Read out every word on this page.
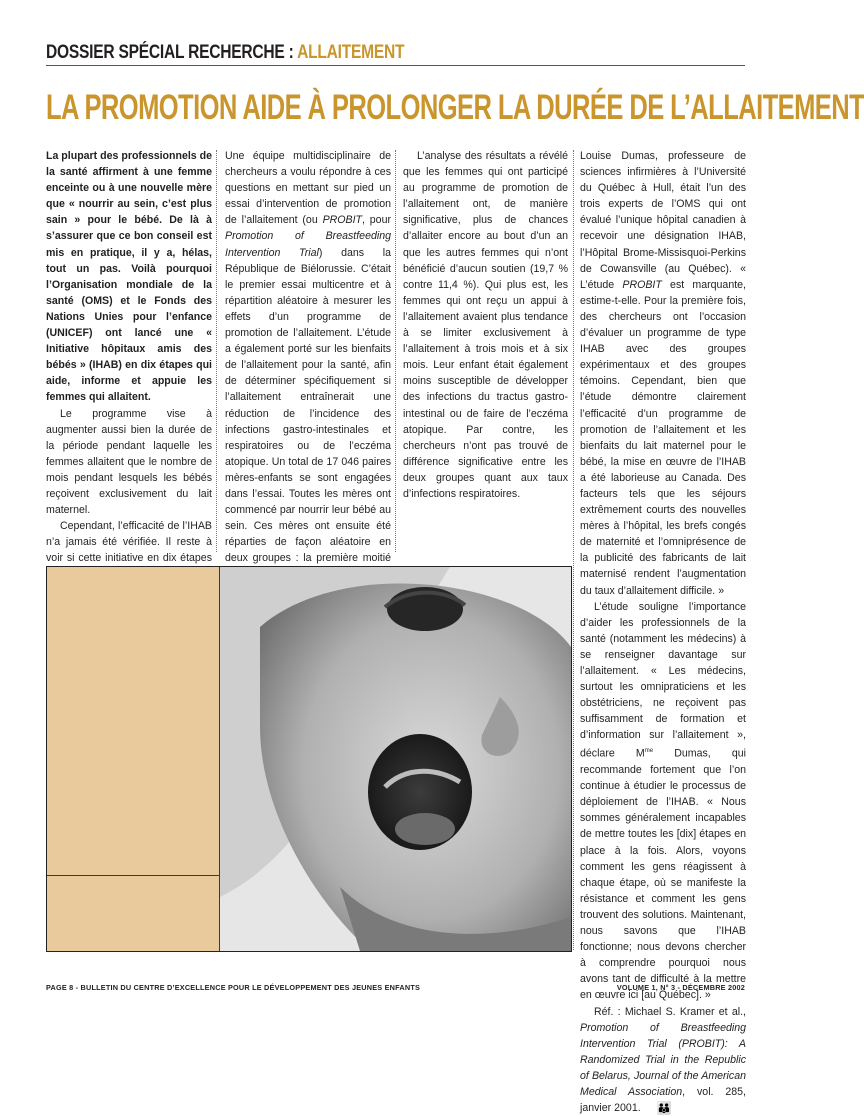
DOSSIER SPÉCIAL RECHERCHE : ALLAITEMENT
LA PROMOTION AIDE À PROLONGER LA DURÉE DE L’ALLAITEMENT

La plupart des professionnels de la santé affirment à une femme enceinte ou à une nouvelle mère que « nourrir au sein, c’est plus sain » pour le bébé. De là à s’assurer que ce bon conseil est mis en pratique, il y a, hélas, tout un pas. Voilà pourquoi l’Organisation mondiale de la santé (OMS) et le Fonds des Nations Unies pour l’enfance (UNICEF) ont lancé une « Initiative hôpitaux amis des bébés » (IHAB) en dix étapes qui aide, informe et appuie les femmes qui allaitent.

Le programme vise à augmenter aussi bien la durée de la période pendant laquelle les femmes allaitent que le nombre de mois pendant lesquels les bébés reçoivent exclusivement du lait maternel.

Cependant, l’efficacité de l’IHAB n’a jamais été vérifiée. Il reste à voir si cette initiative en dix étapes

Une équipe multidisciplinaire de chercheurs a voulu répondre à ces questions en mettant sur pied un essai d’intervention de promotion de l’allaitement (ou PROBIT, pour Promotion of Breastfeeding Intervention Trial) dans la République de Biélorussie. C’était le premier essai multicentre et à répartition aléatoire à mesurer les effets d’un programme de promotion de l’allaitement. L’étude a également porté sur les bienfaits de l’allaitement pour la santé, afin de déterminer spécifiquement si l’allaitement entraînerait une réduction de l’incidence des infections gastro-intestinales et respiratoires ou de l’eczéma atopique. Un total de 17 046 paires mères-enfants se sont engagées dans l’essai. Toutes les mères ont commencé par nourrir leur bébé au sein. Ces mères ont ensuite été réparties de façon aléatoire en deux groupes : la première moitié

L’analyse des résultats a révélé que les femmes qui ont participé au programme de promotion de l’allaitement ont, de manière significative, plus de chances d’allaiter encore au bout d’un an que les autres femmes qui n’ont bénéficié d’aucun soutien (19,7 % contre 11,4 %). Qui plus est, les femmes qui ont reçu un appui à l’allaitement avaient plus tendance à se limiter exclusivement à l’allaitement à trois mois et à six mois. Leur enfant était également moins susceptible de développer des infections du tractus gastro-intestinal ou de faire de l’eczéma atopique. Par contre, les chercheurs n’ont pas trouvé de différence significative entre les deux groupes quant aux taux d’infections respiratoires.

Louise Dumas, professeure de sciences infirmières à l’Université du Québec à Hull, était l’un des trois experts de l’OMS qui ont évalué l’unique hôpital canadien à recevoir une désignation IHAB, l’Hôpital Brome-Missisquoi-Perkins de Cowansville (au Québec). « L’étude PROBIT est marquante, estime-t-elle. Pour la première fois, des chercheurs ont l’occasion d’évaluer un programme de type IHAB avec des groupes expérimentaux et des groupes témoins. Cependant, bien que l’étude démontre clairement l’efficacité d’un programme de promotion de l’allaitement et les bienfaits du lait maternel pour le bébé, la mise en œuvre de l’IHAB a été laborieuse au Canada. Des facteurs tels que les séjours extrêmement courts des nouvelles mères à l’hôpital, les brefs congés de maternité et l’omniprésence de la publicité des fabricants de lait maternisé rendent l’augmentation du taux d’allaitement difficile. »

L’étude souligne l’importance d’aider les professionnels de la santé (notamment les médecins) à se renseigner davantage sur l’allaitement. « Les médecins, surtout les omnipraticiens et les obstétriciens, ne reçoivent pas suffisamment de formation et d’information sur l’allaitement », déclare $M^{me}$ Dumas, qui recommande fortement que l’on continue à étudier le processus de déploiement de l’IHAB. « Nous sommes généralement incapables de mettre toutes les [dix] étapes en place à la fois. Alors, voyons comment les gens réagissent à chaque étape, où se manifeste la résistance et comment les gens trouvent des solutions. Maintenant, nous savons que l’IHAB fonctionne; nous devons chercher à comprendre pourquoi nous avons tant de difficulté à la mettre en œuvre ici [au Québec]. »

Réf. : Michael S. Kramer et al., Promotion of Breastfeeding Intervention Trial (PROBIT): A Randomized Trial in the Republic of Belarus, Journal of the American Medical Association, vol. 285, janvier 2001. 👪

PAGE 8 - BULLETIN DU CENTRE D’EXCELLENCE POUR LE DÉVELOPPEMENT DES JEUNES ENFANTS	VOLUME 1, N° 3 - DÉCEMBRE 2002
